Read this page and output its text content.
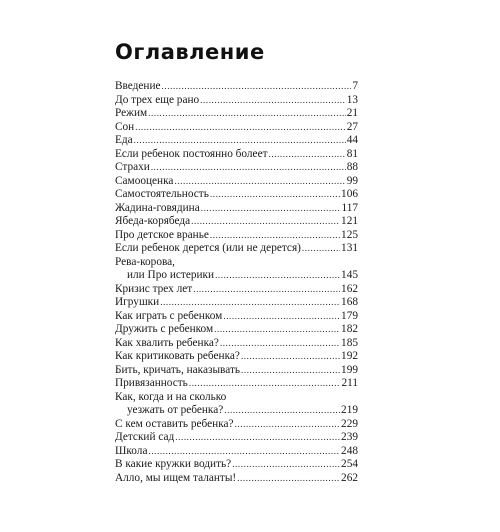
Оглавление
Введение .....	7
До трех еще рано .....	13
Режим .....	21
Сон .....	27
Еда .....	44
Если ребенок постоянно болеет .....	81
Страхи .....	88
Самооценка .....	99
Самостоятельность .....	106
Жадина-говядина .....	117
Ябеда-корябеда .....	121
Про детское вранье .....	125
Если ребенок дерется (или не дерется) .....	131
Рева-корова,
или Про истерики .....	145
Кризис трех лет .....	162
Игрушки .....	168
Как играть с ребенком .....	179
Дружить с ребенком .....	182
Как хвалить ребенка? .....	185
Как критиковать ребенка? .....	192
Бить, кричать, наказывать .....	199
Привязанность .....	211
Как, когда и на сколько
уезжать от ребенка? .....	219
С кем оставить ребенка? .....	229
Детский сад .....	239
Школа .....	248
В какие кружки водить? .....	254
Алло, мы ищем таланты! .....	262
